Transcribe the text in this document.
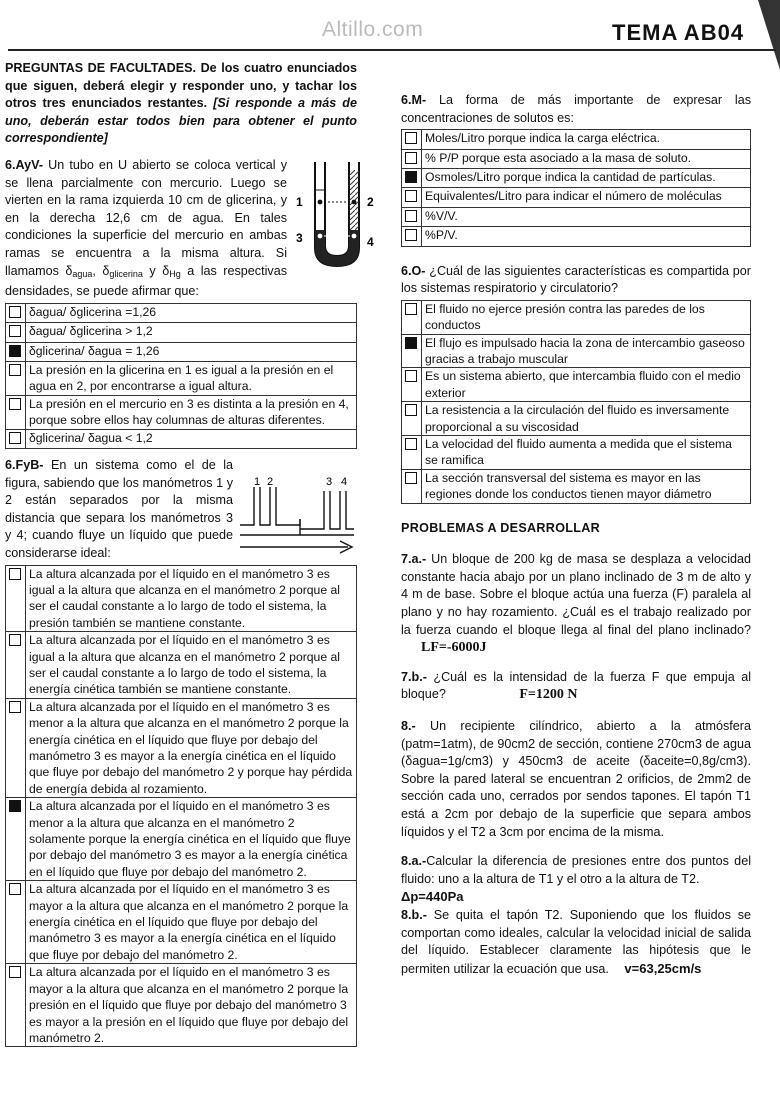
Altillo.com	TEMA AB04

PREGUNTAS DE FACULTADES. De los cuatro enunciados que siguen, deberá elegir y responder uno, y tachar los otros tres enunciados restantes. [Si responde a más de uno, deberán estar todos bien para obtener el punto correspondiente]

6.AyV- Un tubo en U abierto se coloca vertical y se llena parcialmente con mercurio. Luego se vierten en la rama izquierda 10 cm de glicerina, y en la derecha 12,6 cm de agua. En tales condiciones la superficie del mercurio en ambas ramas se encuentra a la misma altura. Si llamamos $\delta_{agua}$, $\delta_{glicerina}$ y $\delta_{Hg}$ a las respectivas densidades, se puede afirmar que:

	δagua/ δglicerina =1,26
	δagua/ δglicerina > 1,2
	δglicerina/ δagua = 1,26
	La presión en la glicerina en 1 es igual a la presión en el agua en 2, por encontrarse a igual altura.
	La presión en el mercurio en 3 es distinta a la presión en 4, porque sobre ellos hay columnas de alturas diferentes.
	δglicerina/ δagua < 1,2

6.FyB- En un sistema como el de la figura, sabiendo que los manómetros 1 y 2 están separados por la misma distancia que separa los manómetros 3 y 4; cuando fluye un líquido que puede considerarse ideal:

	La altura alcanzada por el líquido en el manómetro 3 es igual a la altura que alcanza en el manómetro 2 porque al ser el caudal constante a lo largo de todo el sistema, la presión también se mantiene constante.
	La altura alcanzada por el líquido en el manómetro 3 es igual a la altura que alcanza en el manómetro 2 porque al ser el caudal constante a lo largo de todo el sistema, la energía cinética también se mantiene constante.
	La altura alcanzada por el líquido en el manómetro 3 es menor a la altura que alcanza en el manómetro 2 porque la energía cinética en el líquido que fluye por debajo del manómetro 3 es mayor a la energía cinética en el líquido que fluye por debajo del manómetro 2 y porque hay pérdida de energía debida al rozamiento.
	La altura alcanzada por el líquido en el manómetro 3 es menor a la altura que alcanza en el manómetro 2 solamente porque la energía cinética en el líquido que fluye por debajo del manómetro 3 es mayor a la energía cinética en el líquido que fluye por debajo del manómetro 2.
	La altura alcanzada por el líquido en el manómetro 3 es mayor a la altura que alcanza en el manómetro 2 porque la energía cinética en el líquido que fluye por debajo del manómetro 3 es mayor a la energía cinética en el líquido que fluye por debajo del manómetro 2.
	La altura alcanzada por el líquido en el manómetro 3 es mayor a la altura que alcanza en el manómetro 2 porque la presión en el líquido que fluye por debajo del manómetro 3 es mayor a la presión en el líquido que fluye por debajo del manómetro 2.
1	2
3	4
1 2	3 4

6.M- La forma de más importante de expresar las concentraciones de solutos es:

	Moles/Litro porque indica la carga eléctrica.
	% P/P porque esta asociado a la masa de soluto.
	Osmoles/Litro porque indica la cantidad de partículas.
	Equivalentes/Litro para indicar el número de moléculas
	%V/V.
	%P/V.

6.O- ¿Cuál de las siguientes características es compartida por los sistemas respiratorio y circulatorio?

	El fluido no ejerce presión contra las paredes de los conductos
	El flujo es impulsado hacia la zona de intercambio gaseoso gracias a trabajo muscular
	Es un sistema abierto, que intercambia fluido con el medio exterior
	La resistencia a la circulación del fluido es inversamente proporcional a su viscosidad
	La velocidad del fluido aumenta a medida que el sistema se ramifica
	La sección transversal del sistema es mayor en las regiones donde los conductos tienen mayor diámetro

PROBLEMAS A DESARROLLAR

7.a.- Un bloque de 200 kg de masa se desplaza a velocidad constante hacia abajo por un plano inclinado de 3 m de alto y 4 m de base. Sobre el bloque actúa una fuerza (F) paralela al plano y no hay rozamiento. ¿Cuál es el trabajo realizado por la fuerza cuando el bloque llega al final del plano inclinado? LF=-6000J

7.b.- ¿Cuál es la intensidad de la fuerza F que empuja al bloque?	F=1200 N

8.- Un recipiente cilíndrico, abierto a la atmósfera (patm=1atm), de 90cm2 de sección, contiene 270cm3 de agua (δagua=1g/cm3) y 450cm3 de aceite (δaceite=0,8g/cm3). Sobre la pared lateral se encuentran 2 orificios, de 2mm2 de sección cada uno, cerrados por sendos tapones. El tapón T1 está a 2cm por debajo de la superficie que separa ambos líquidos y el T2 a 3cm por encima de la misma.

8.a.-Calcular la diferencia de presiones entre dos puntos del fluido: uno a la altura de T1 y el otro a la altura de T2.
Δp=440Pa

8.b.- Se quita el tapón T2. Suponiendo que los fluidos se comportan como ideales, calcular la velocidad inicial de salida del líquido. Establecer claramente las hipótesis que le permiten utilizar la ecuación que usa. v=63,25cm/s
